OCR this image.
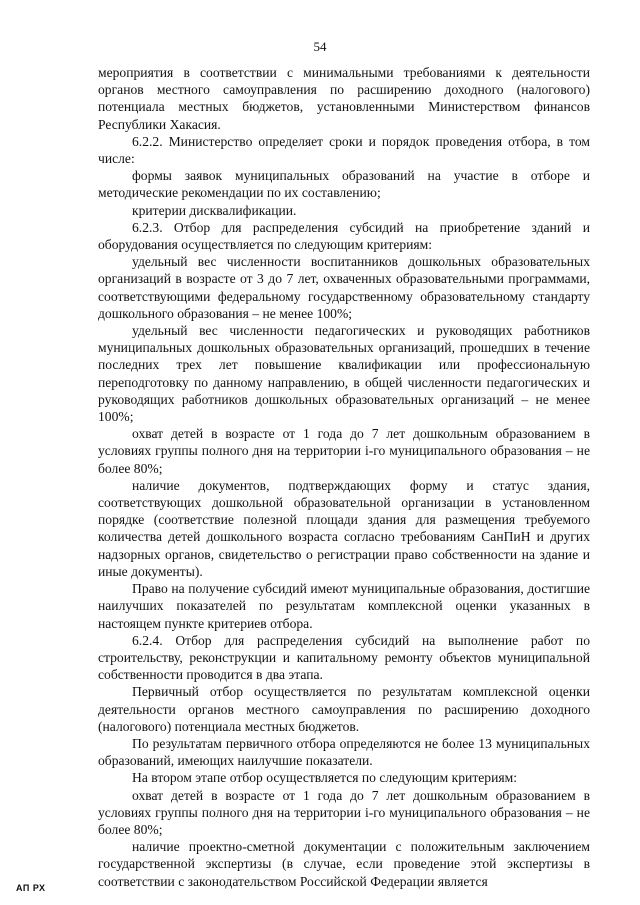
54

мероприятия в соответствии с минимальными требованиями к деятельности органов местного самоуправления по расширению доходного (налогового) потенциала местных бюджетов, установленными Министерством финансов Республики Хакасия.

6.2.2. Министерство определяет сроки и порядок проведения отбора, в том числе:

формы заявок муниципальных образований на участие в отборе и методические рекомендации по их составлению;

критерии дисквалификации.

6.2.3. Отбор для распределения субсидий на приобретение зданий и оборудования осуществляется по следующим критериям:

удельный вес численности воспитанников дошкольных образовательных организаций в возрасте от 3 до 7 лет, охваченных образовательными программами, соответствующими федеральному государственному образовательному стандарту дошкольного образования – не менее 100%;

удельный вес численности педагогических и руководящих работников муниципальных дошкольных образовательных организаций, прошедших в течение последних трех лет повышение квалификации или профессиональную переподготовку по данному направлению, в общей численности педагогических и руководящих работников дошкольных образовательных организаций – не менее 100%;

охват детей в возрасте от 1 года до 7 лет дошкольным образованием в условиях группы полного дня на территории i-го муниципального образования – не более 80%;

наличие документов, подтверждающих форму и статус здания, соответствующих дошкольной образовательной организации в установленном порядке (соответствие полезной площади здания для размещения требуемого количества детей дошкольного возраста согласно требованиям СанПиН и других надзорных органов, свидетельство о регистрации право собственности на здание и иные документы).

Право на получение субсидий имеют муниципальные образования, достигшие наилучших показателей по результатам комплексной оценки указанных в настоящем пункте критериев отбора.

6.2.4. Отбор для распределения субсидий на выполнение работ по строительству, реконструкции и капитальному ремонту объектов муниципальной собственности проводится в два этапа.

Первичный отбор осуществляется по результатам комплексной оценки деятельности органов местного самоуправления по расширению доходного (налогового) потенциала местных бюджетов.

По результатам первичного отбора определяются не более 13 муниципальных образований, имеющих наилучшие показатели.

На втором этапе отбор осуществляется по следующим критериям:

охват детей в возрасте от 1 года до 7 лет дошкольным образованием в условиях группы полного дня на территории i-го муниципального образования – не более 80%;

наличие проектно-сметной документации с положительным заключением государственной экспертизы (в случае, если проведение этой экспертизы в соответствии с законодательством Российской Федерации является

АП РХ
